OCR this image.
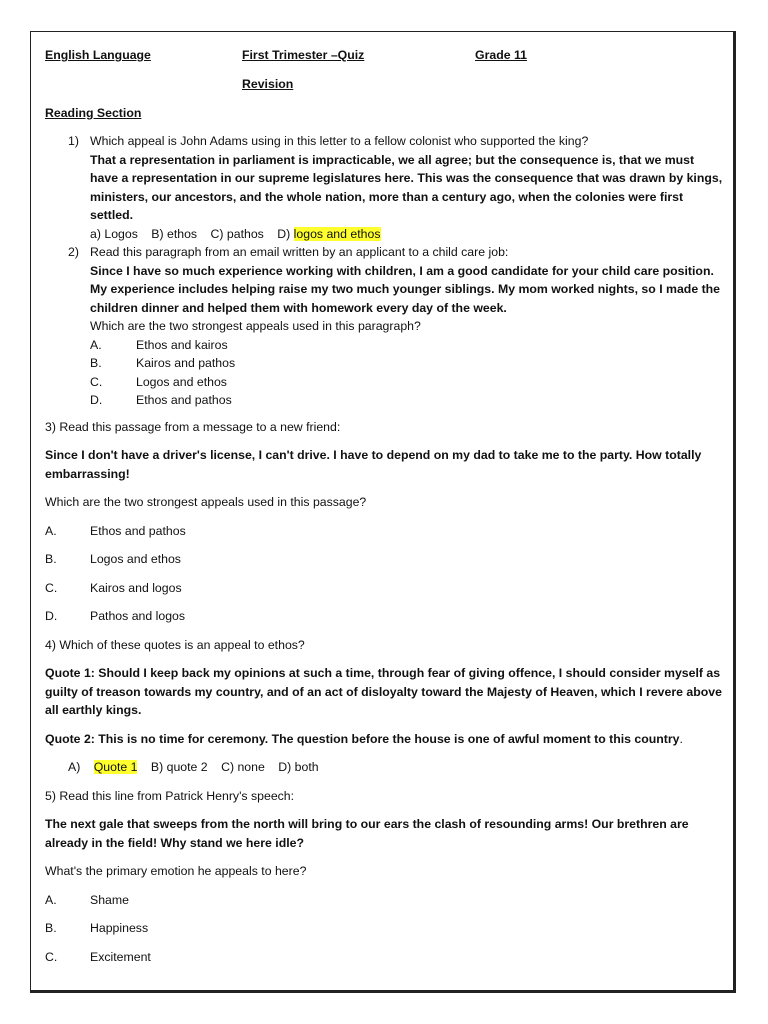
English Language	First Trimester –Quiz	Grade 11
Revision
Reading Section
1) Which appeal is John Adams using in this letter to a fellow colonist who supported the king?
That a representation in parliament is impracticable, we all agree; but the consequence is, that we must have a representation in our supreme legislatures here. This was the consequence that was drawn by kings, ministers, our ancestors, and the whole nation, more than a century ago, when the colonies were first settled.
a) Logos B) ethos C) pathos D) logos and ethos
2) Read this paragraph from an email written by an applicant to a child care job:
Since I have so much experience working with children, I am a good candidate for your child care position. My experience includes helping raise my two much younger siblings. My mom worked nights, so I made the children dinner and helped them with homework every day of the week.
Which are the two strongest appeals used in this paragraph?
A.	Ethos and kairos
B.	Kairos and pathos
C.	Logos and ethos
D.	Ethos and pathos
3) Read this passage from a message to a new friend:
Since I don't have a driver's license, I can't drive. I have to depend on my dad to take me to the party. How totally embarrassing!
Which are the two strongest appeals used in this passage?
A.	Ethos and pathos
B.	Logos and ethos
C.	Kairos and logos
D.	Pathos and logos
4) Which of these quotes is an appeal to ethos?
Quote 1: Should I keep back my opinions at such a time, through fear of giving offence, I should consider myself as guilty of treason towards my country, and of an act of disloyalty toward the Majesty of Heaven, which I revere above all earthly kings.
Quote 2: This is no time for ceremony. The question before the house is one of awful moment to this country.
A) Quote 1 B) quote 2 C) none D) both
5) Read this line from Patrick Henry's speech:
The next gale that sweeps from the north will bring to our ears the clash of resounding arms! Our brethren are already in the field! Why stand we here idle?
What's the primary emotion he appeals to here?
A.	Shame
B.	Happiness
C.	Excitement
